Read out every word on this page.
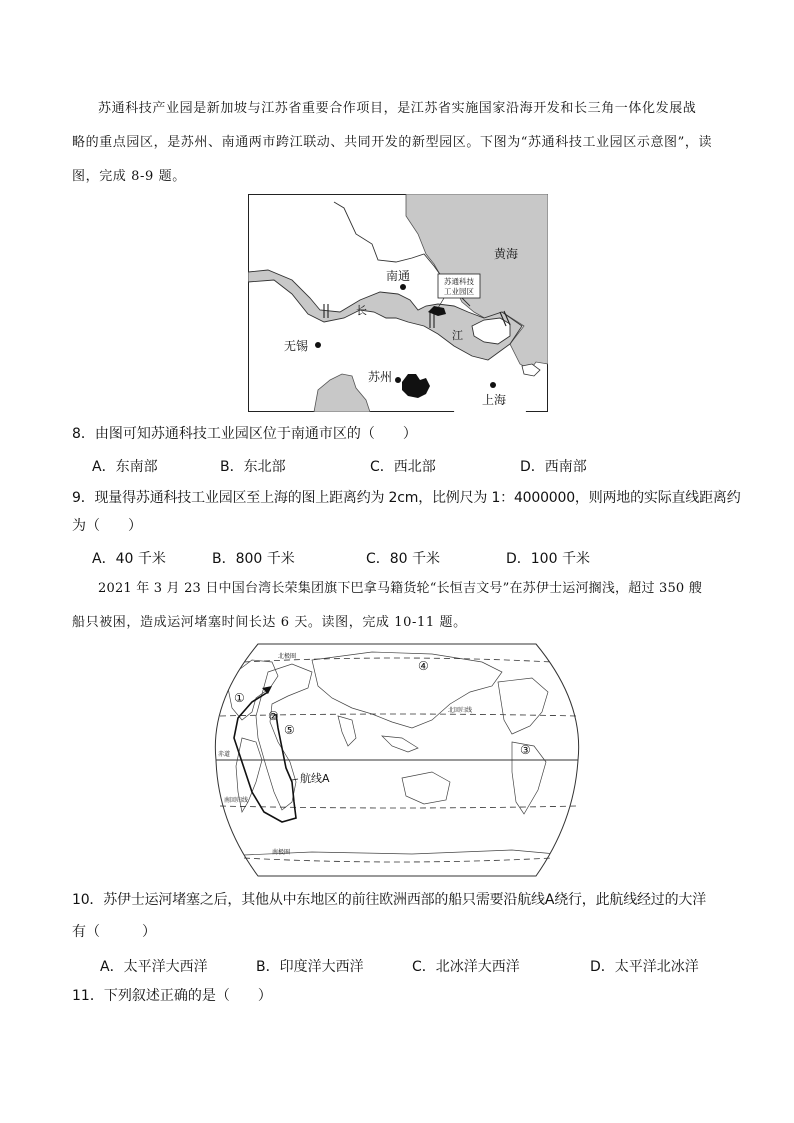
苏通科技产业园是新加坡与江苏省重要合作项目，是江苏省实施国家沿海开发和长三角一体化发展战
略的重点园区，是苏州、南通两市跨江联动、共同开发的新型园区。下图为“苏通科技工业园区示意图”，读
图，完成 8-9 题。
苏通科技
工业园区
黄海
南通
长
江
无锡
苏州
上海
8．由图可知苏通科技工业园区位于南通市区的（　　）
A．东南部	B．东北部	C．西北部	D．西南部
9．现量得苏通科技工业园区至上海的图上距离约为 2cm，比例尺为 1：4000000，则两地的实际直线距离约
为（　　）
A．40 千米	B．800 千米	C．80 千米	D．100 千米
2021 年 3 月 23 日中国台湾长荣集团旗下巴拿马籍货轮“长恒吉文号”在苏伊士运河搁浅，超过 350 艘
船只被困，造成运河堵塞时间长达 6 天。读图，完成 10-11 题。
北极圈
北回归线
赤道
南回归线
南极圈
航线A
①
②
③
④
⑤
10．苏伊士运河堵塞之后，其他从中东地区的前往欧洲西部的船只需要沿航线A绕行，此航线经过的大洋
有（　　　）
A．太平洋大西洋	B．印度洋大西洋	C．北冰洋大西洋	D．太平洋北冰洋
11．下列叙述正确的是（　　）
